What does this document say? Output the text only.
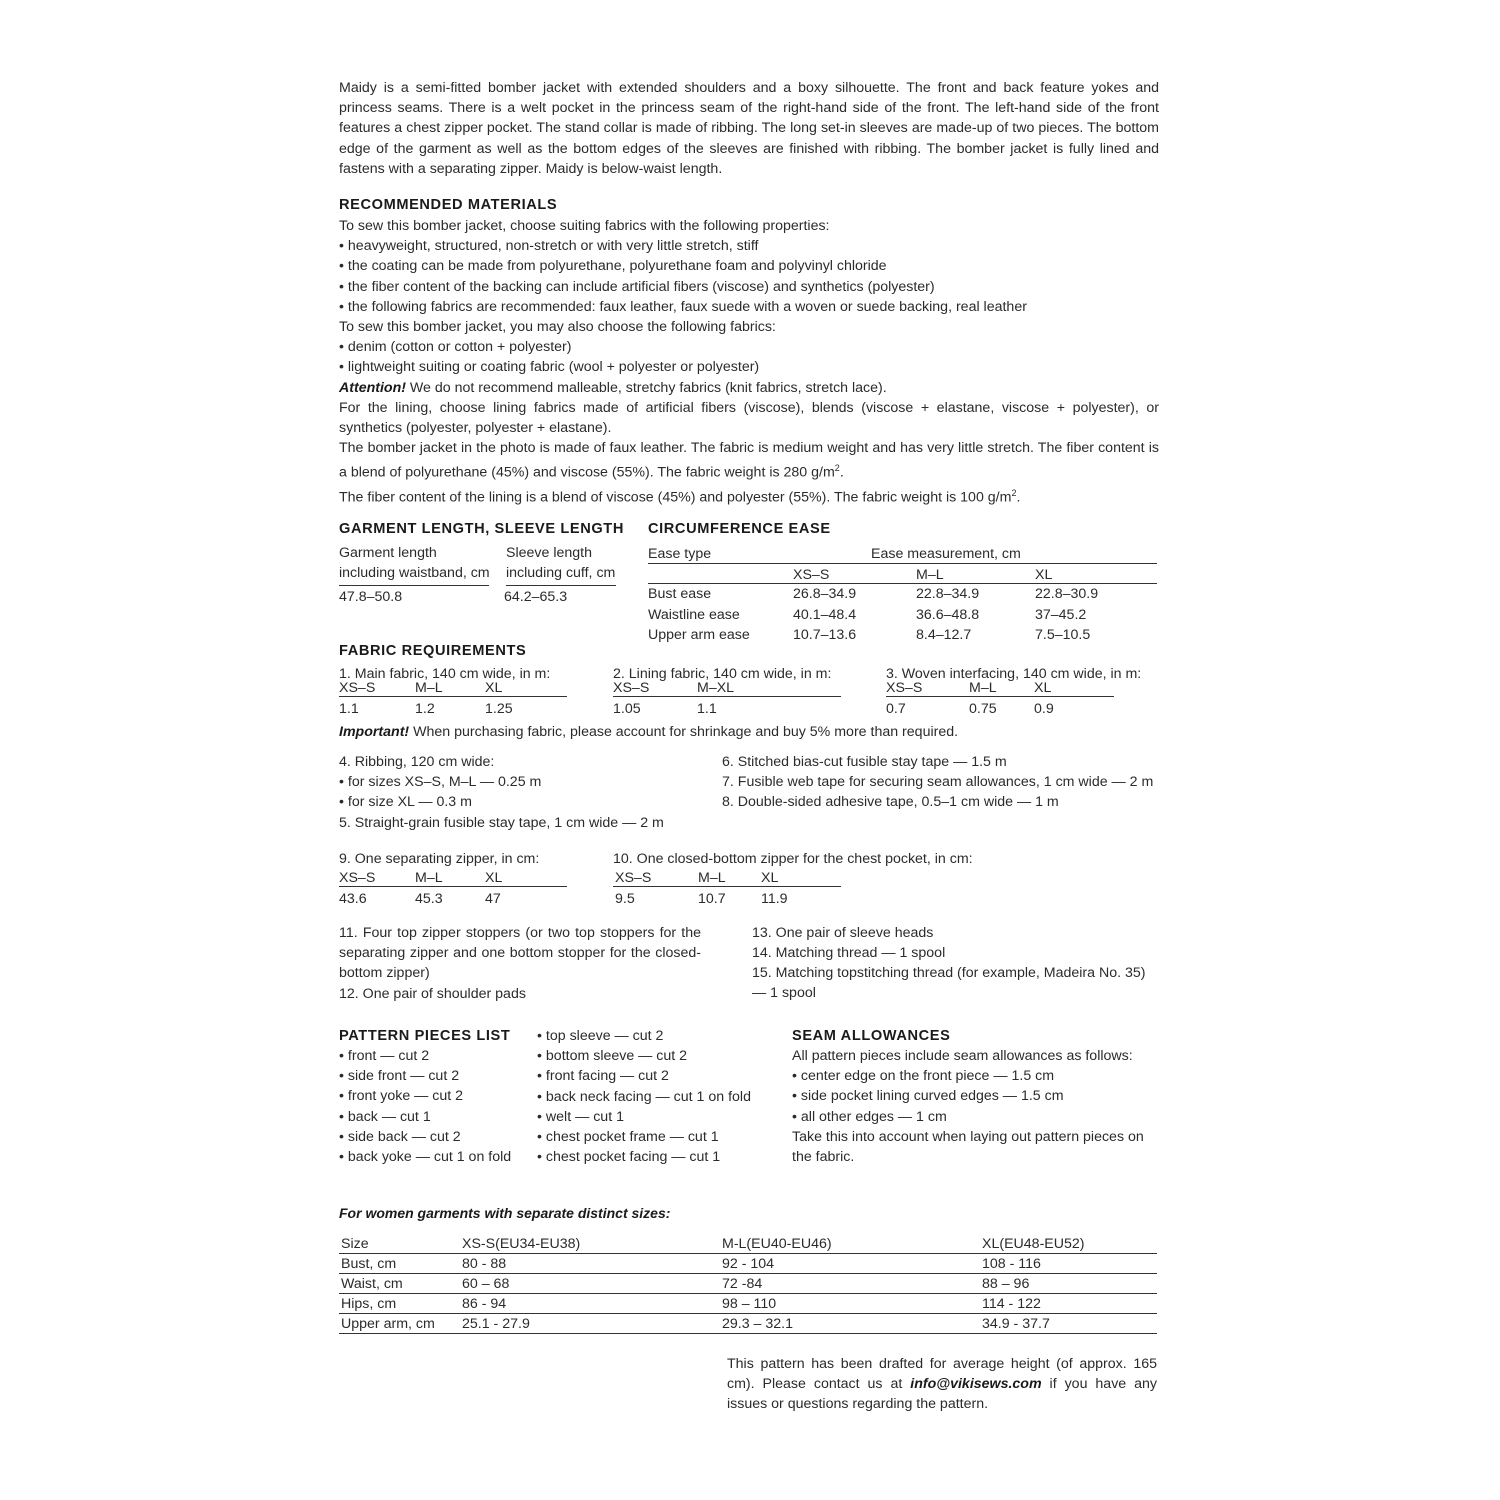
Maidy is a semi-fitted bomber jacket with extended shoulders and a boxy silhouette. The front and back feature yokes and princess seams. There is a welt pocket in the princess seam of the right-hand side of the front. The left-hand side of the front features a chest zipper pocket. The stand collar is made of ribbing. The long set-in sleeves are made-up of two pieces. The bottom edge of the garment as well as the bottom edges of the sleeves are finished with ribbing. The bomber jacket is fully lined and fastens with a separating zipper. Maidy is below-waist length.
RECOMMENDED MATERIALS
To sew this bomber jacket, choose suiting fabrics with the following properties:
• heavyweight, structured, non-stretch or with very little stretch, stiff
• the coating can be made from polyurethane, polyurethane foam and polyvinyl chloride
• the fiber content of the backing can include artificial fibers (viscose) and synthetics (polyester)
• the following fabrics are recommended: faux leather, faux suede with a woven or suede backing, real leather
To sew this bomber jacket, you may also choose the following fabrics:
• denim (cotton or cotton + polyester)
• lightweight suiting or coating fabric (wool + polyester or polyester)
Attention! We do not recommend malleable, stretchy fabrics (knit fabrics, stretch lace).
For the lining, choose lining fabrics made of artificial fibers (viscose), blends (viscose + elastane, viscose + polyester), or synthetics (polyester, polyester + elastane).
The bomber jacket in the photo is made of faux leather. The fabric is medium weight and has very little stretch. The fiber content is a blend of polyurethane (45%) and viscose (55%). The fabric weight is 280 $g/m^2$.
The fiber content of the lining is a blend of viscose (45%) and polyester (55%). The fabric weight is 100 $g/m^2$.
GARMENT LENGTH, SLEEVE LENGTH
Garment length
including waistband, cm
Sleeve length
including cuff, cm
47.8–50.8	64.2–65.3
CIRCUMFERENCE EASE
Ease type	Ease measurement, cm
XS–S	M–L	XL
Bust ease	26.8–34.9	22.8–34.9	22.8–30.9
Waistline ease	40.1–48.4	36.6–48.8	37–45.2
Upper arm ease	10.7–13.6	8.4–12.7	7.5–10.5
FABRIC REQUIREMENTS
1. Main fabric, 140 cm wide, in m:
XS–S	M–L	XL
1.1	1.2	1.25
2. Lining fabric, 140 cm wide, in m:
XS–S	M–XL
1.05	1.1
3. Woven interfacing, 140 cm wide, in m:
XS–S	M–L	XL
0.7	0.75	0.9
Important! When purchasing fabric, please account for shrinkage and buy 5% more than required.
4. Ribbing, 120 cm wide:
• for sizes XS–S, M–L — 0.25 m
• for size XL — 0.3 m
5. Straight-grain fusible stay tape, 1 cm wide — 2 m
6. Stitched bias-cut fusible stay tape — 1.5 m
7. Fusible web tape for securing seam allowances, 1 cm wide — 2 m
8. Double-sided adhesive tape, 0.5–1 cm wide — 1 m
9. One separating zipper, in cm:
XS–S	M–L	XL
43.6	45.3	47
10. One closed-bottom zipper for the chest pocket, in cm:
XS–S	M–L XL
9.5	10.7 11.9
11. Four top zipper stoppers (or two top stoppers for the separating zipper and one bottom stopper for the closed-bottom zipper)
12. One pair of shoulder pads
13. One pair of sleeve heads
14. Matching thread — 1 spool
15. Matching topstitching thread (for example, Madeira No. 35) — 1 spool
PATTERN PIECES LIST
• front — cut 2
• side front — cut 2
• front yoke — cut 2
• back — cut 1
• side back — cut 2
• back yoke — cut 1 on fold
• top sleeve — cut 2
• bottom sleeve — cut 2
• front facing — cut 2
• back neck facing — cut 1 on fold
• welt — cut 1
• chest pocket frame — cut 1
• chest pocket facing — cut 1
SEAM ALLOWANCES
All pattern pieces include seam allowances as follows:
• center edge on the front piece — 1.5 cm
• side pocket lining curved edges — 1.5 cm
• all other edges — 1 cm
Take this into account when laying out pattern pieces on the fabric.
For women garments with separate distinct sizes:
Size	XS-S(EU34-EU38)	M-L(EU40-EU46)	XL(EU48-EU52)
Bust, cm	80 - 88	92 - 104	108 - 116
Waist, cm	60 – 68	72 -84	88 – 96
Hips, cm	86 - 94	98 – 110	114 - 122
Upper arm, cm 25.1 - 27.9	29.3 – 32.1	34.9 - 37.7
This pattern has been drafted for average height (of approx. 165 cm). Please contact us at info@vikisews.com if you have any issues or questions regarding the pattern.
